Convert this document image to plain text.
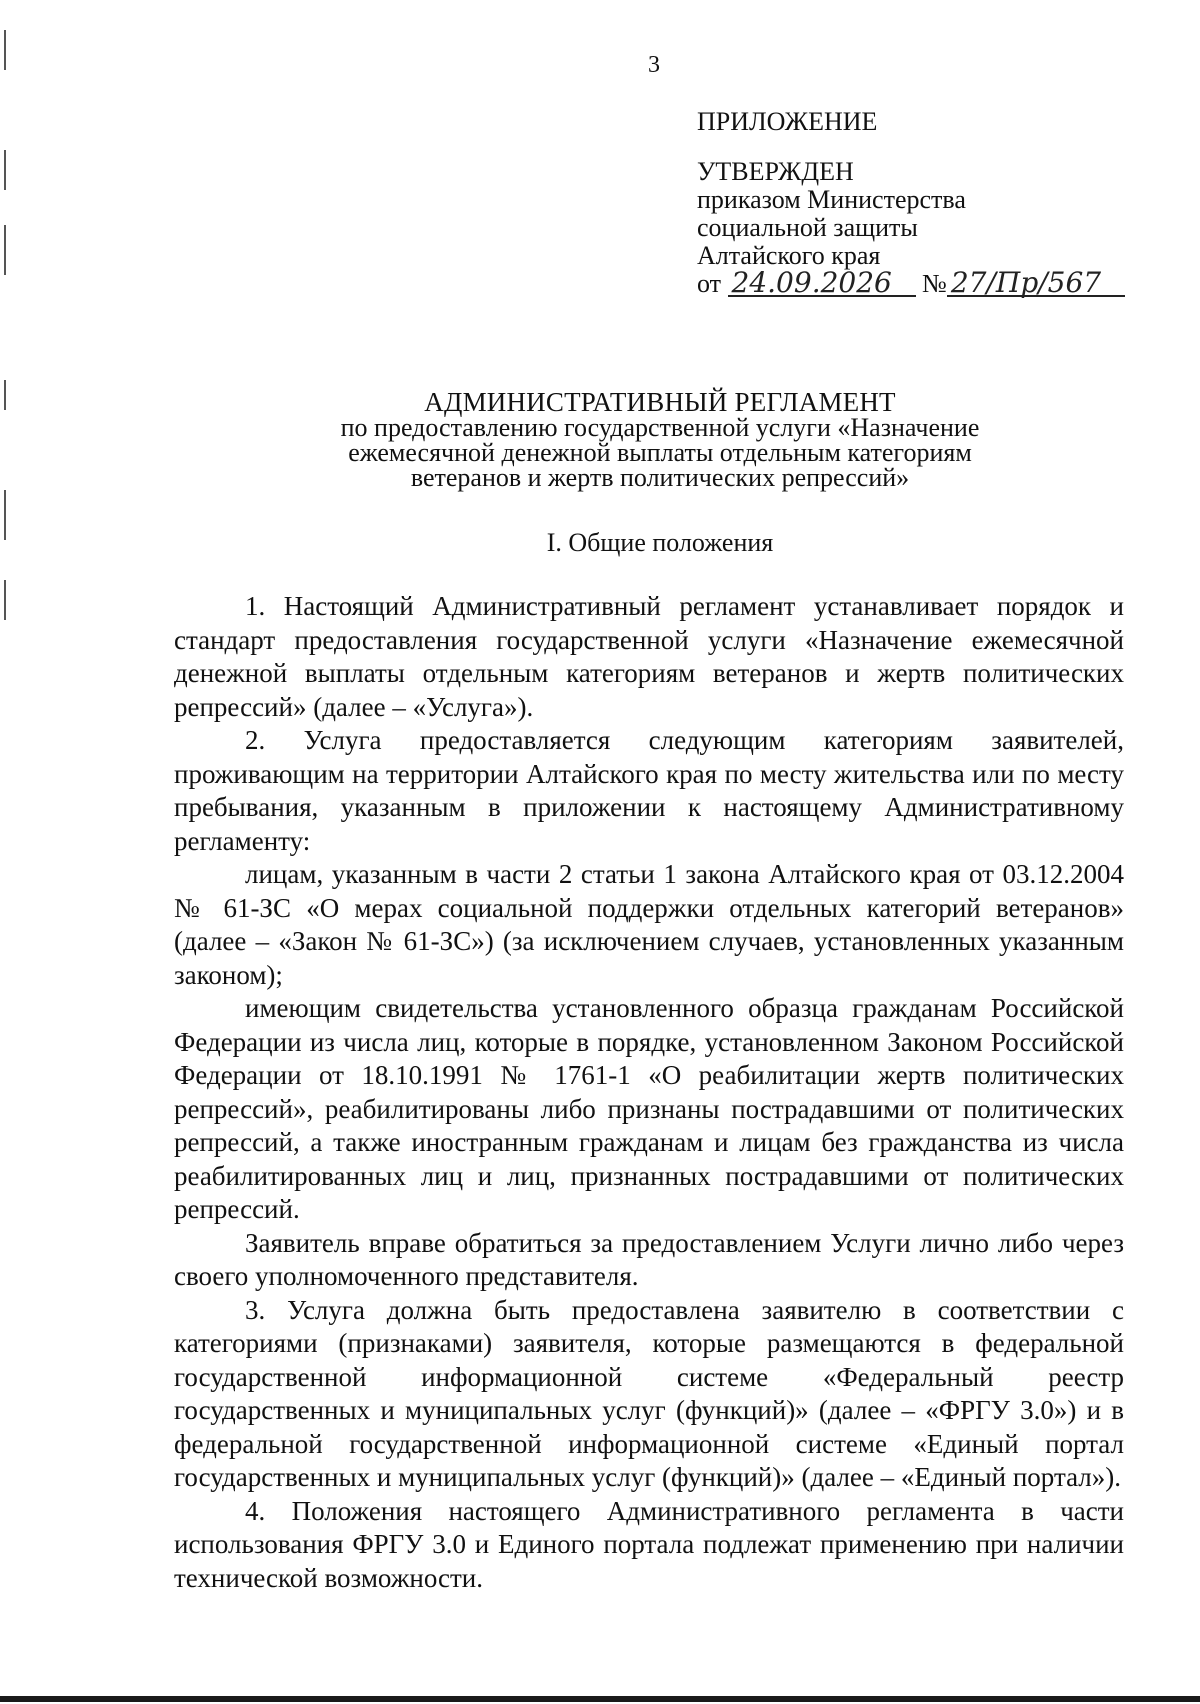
3
ПРИЛОЖЕНИЕ
УТВЕРЖДЕН
приказом Министерства
социальной защиты
Алтайского края
от 24.09.2026 № 27/Пр/567
АДМИНИСТРАТИВНЫЙ РЕГЛАМЕНТ
по предоставлению государственной услуги «Назначение
ежемесячной денежной выплаты отдельным категориям
ветеранов и жертв политических репрессий»
I. Общие положения

1. Настоящий Административный регламент устанавливает порядок и стандарт предоставления государственной услуги «Назначение ежемесячной денежной выплаты отдельным категориям ветеранов и жертв политических репрессий» (далее – «Услуга»).

2. Услуга предоставляется следующим категориям заявителей, проживающим на территории Алтайского края по месту жительства или по месту пребывания, указанным в приложении к настоящему Административному регламенту:

лицам, указанным в части 2 статьи 1 закона Алтайского края от 03.12.2004 № 61-ЗС «О мерах социальной поддержки отдельных категорий ветеранов» (далее – «Закон № 61-ЗС») (за исключением случаев, установленных указанным законом);

имеющим свидетельства установленного образца гражданам Российской Федерации из числа лиц, которые в порядке, установленном Законом Российской Федерации от 18.10.1991 № 1761-1 «О реабилитации жертв политических репрессий», реабилитированы либо признаны пострадавшими от политических репрессий, а также иностранным гражданам и лицам без гражданства из числа реабилитированных лиц и лиц, признанных пострадавшими от политических репрессий.

Заявитель вправе обратиться за предоставлением Услуги лично либо через своего уполномоченного представителя.

3. Услуга должна быть предоставлена заявителю в соответствии с категориями (признаками) заявителя, которые размещаются в федеральной государственной информационной системе «Федеральный реестр государственных и муниципальных услуг (функций)» (далее – «ФРГУ 3.0») и в федеральной государственной информационной системе «Единый портал государственных и муниципальных услуг (функций)» (далее – «Единый портал»).

4. Положения настоящего Административного регламента в части использования ФРГУ 3.0 и Единого портала подлежат применению при наличии технической возможности.
